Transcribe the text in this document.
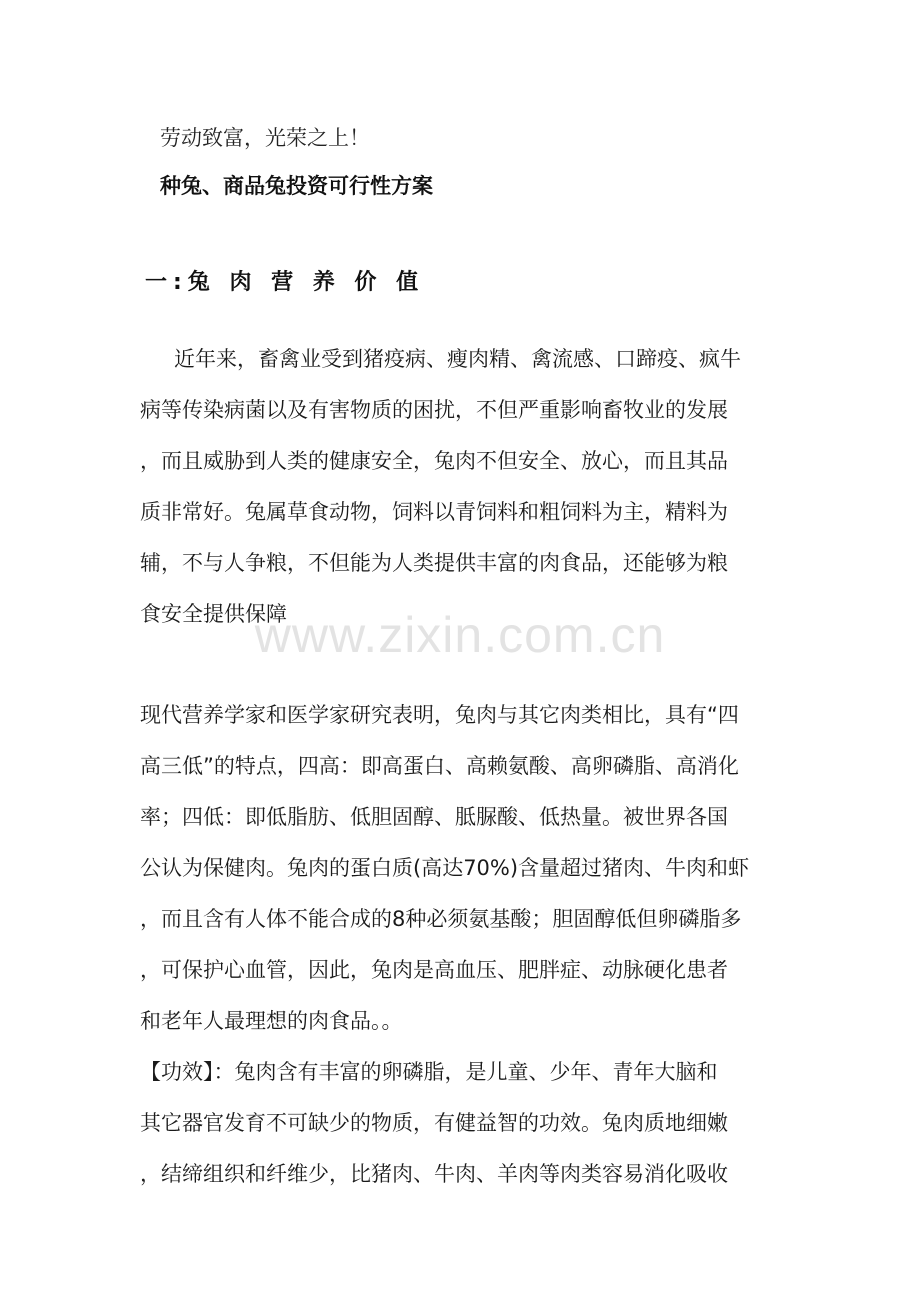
劳动致富，光荣之上！
种兔、商品兔投资可行性方案
一:兔 肉 营 养 价 值
近年来，畜禽业受到猪疫病、瘦肉精、禽流感、口蹄疫、疯牛
病等传染病菌以及有害物质的困扰，不但严重影响畜牧业的发展
，而且威胁到人类的健康安全，兔肉不但安全、放心，而且其品
质非常好。兔属草食动物，饲料以青饲料和粗饲料为主，精料为
辅，不与人争粮，不但能为人类提供丰富的肉食品，还能够为粮
食安全提供保障
www.zixin.com.cn
现代营养学家和医学家研究表明，兔肉与其它肉类相比，具有“四
高三低”的特点，四高：即高蛋白、高赖氨酸、高卵磷脂、高消化
率；四低：即低脂肪、低胆固醇、胝脲酸、低热量。被世界各国
公认为保健肉。兔肉的蛋白质(高达70%)含量超过猪肉、牛肉和虾
，而且含有人体不能合成的8种必须氨基酸；胆固醇低但卵磷脂多
，可保护心血管，因此，兔肉是高血压、肥胖症、动脉硬化患者
和老年人最理想的肉食品。。
【功效】：兔肉含有丰富的卵磷脂，是儿童、少年、青年大脑和
其它器官发育不可缺少的物质，有健益智的功效。兔肉质地细嫩
，结缔组织和纤维少，比猪肉、牛肉、羊肉等肉类容易消化吸收
